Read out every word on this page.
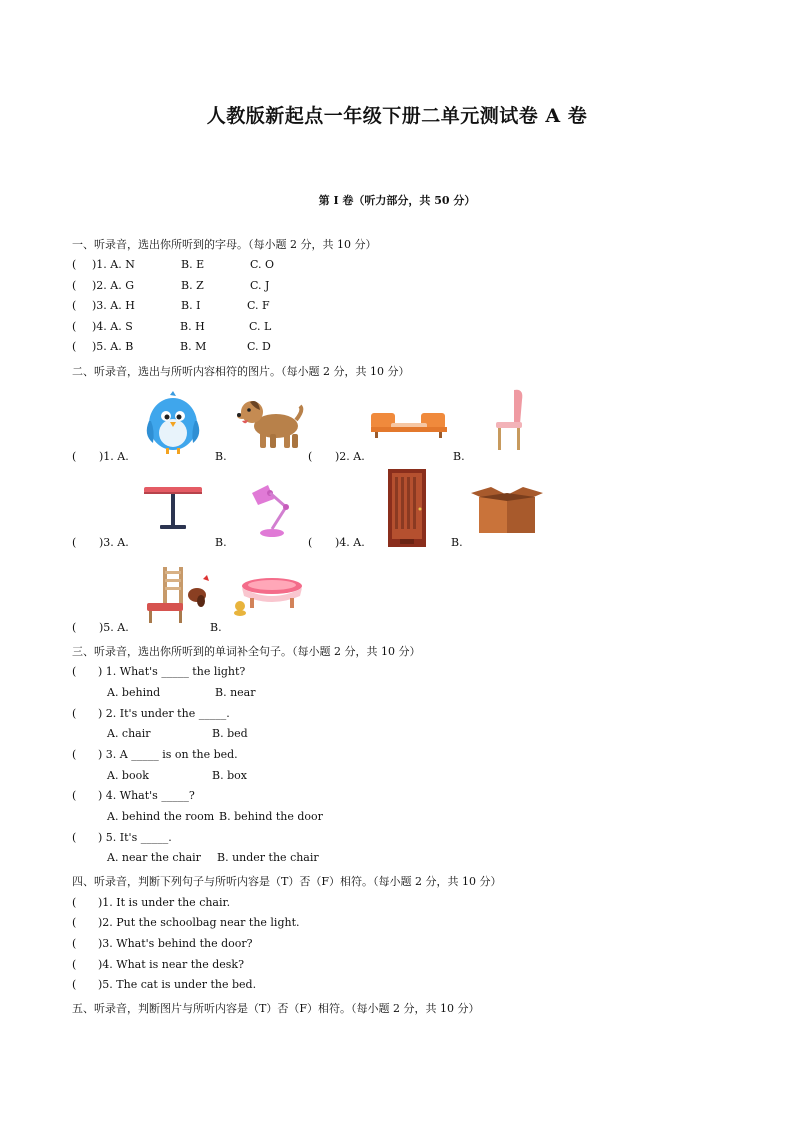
人教版新起点一年级下册二单元测试卷 A 卷
第 I 卷（听力部分，共 50 分）
一、听录音，选出你所听到的字母。（每小题 2 分，共 10 分）
( )1. A. N	B. E	C. O
( )2. A. G	B. Z	C. J
( )3. A. H	B. I	C. F
( )4. A. S	B. H	C. L
( )5. A. B	B. M	C. D
二、听录音，选出与所听内容相符的图片。（每小题 2 分，共 10 分）
( )1. A.	B.	( )2. A.	B.
( )3. A.	B.	( )4. A.	B.
( )5. A.	B.
三、听录音，选出你所听到的单词补全句子。（每小题 2 分，共 10 分）
( ) 1. What's _____ the light?
A. behind	B. near
( ) 2. It's under the _____.
A. chair	B. bed
( ) 3. A _____ is on the bed.
A. book	B. box
( ) 4. What's _____?
A. behind the room B. behind the door
( ) 5. It's _____.
A. near the chair B. under the chair
四、听录音，判断下列句子与所听内容是（T）否（F）相符。（每小题 2 分，共 10 分）
( )1. It is under the chair.
( )2. Put the schoolbag near the light.
( )3. What's behind the door?
( )4. What is near the desk?
( )5. The cat is under the bed.
五、听录音，判断图片与所听内容是（T）否（F）相符。（每小题 2 分，共 10 分）
